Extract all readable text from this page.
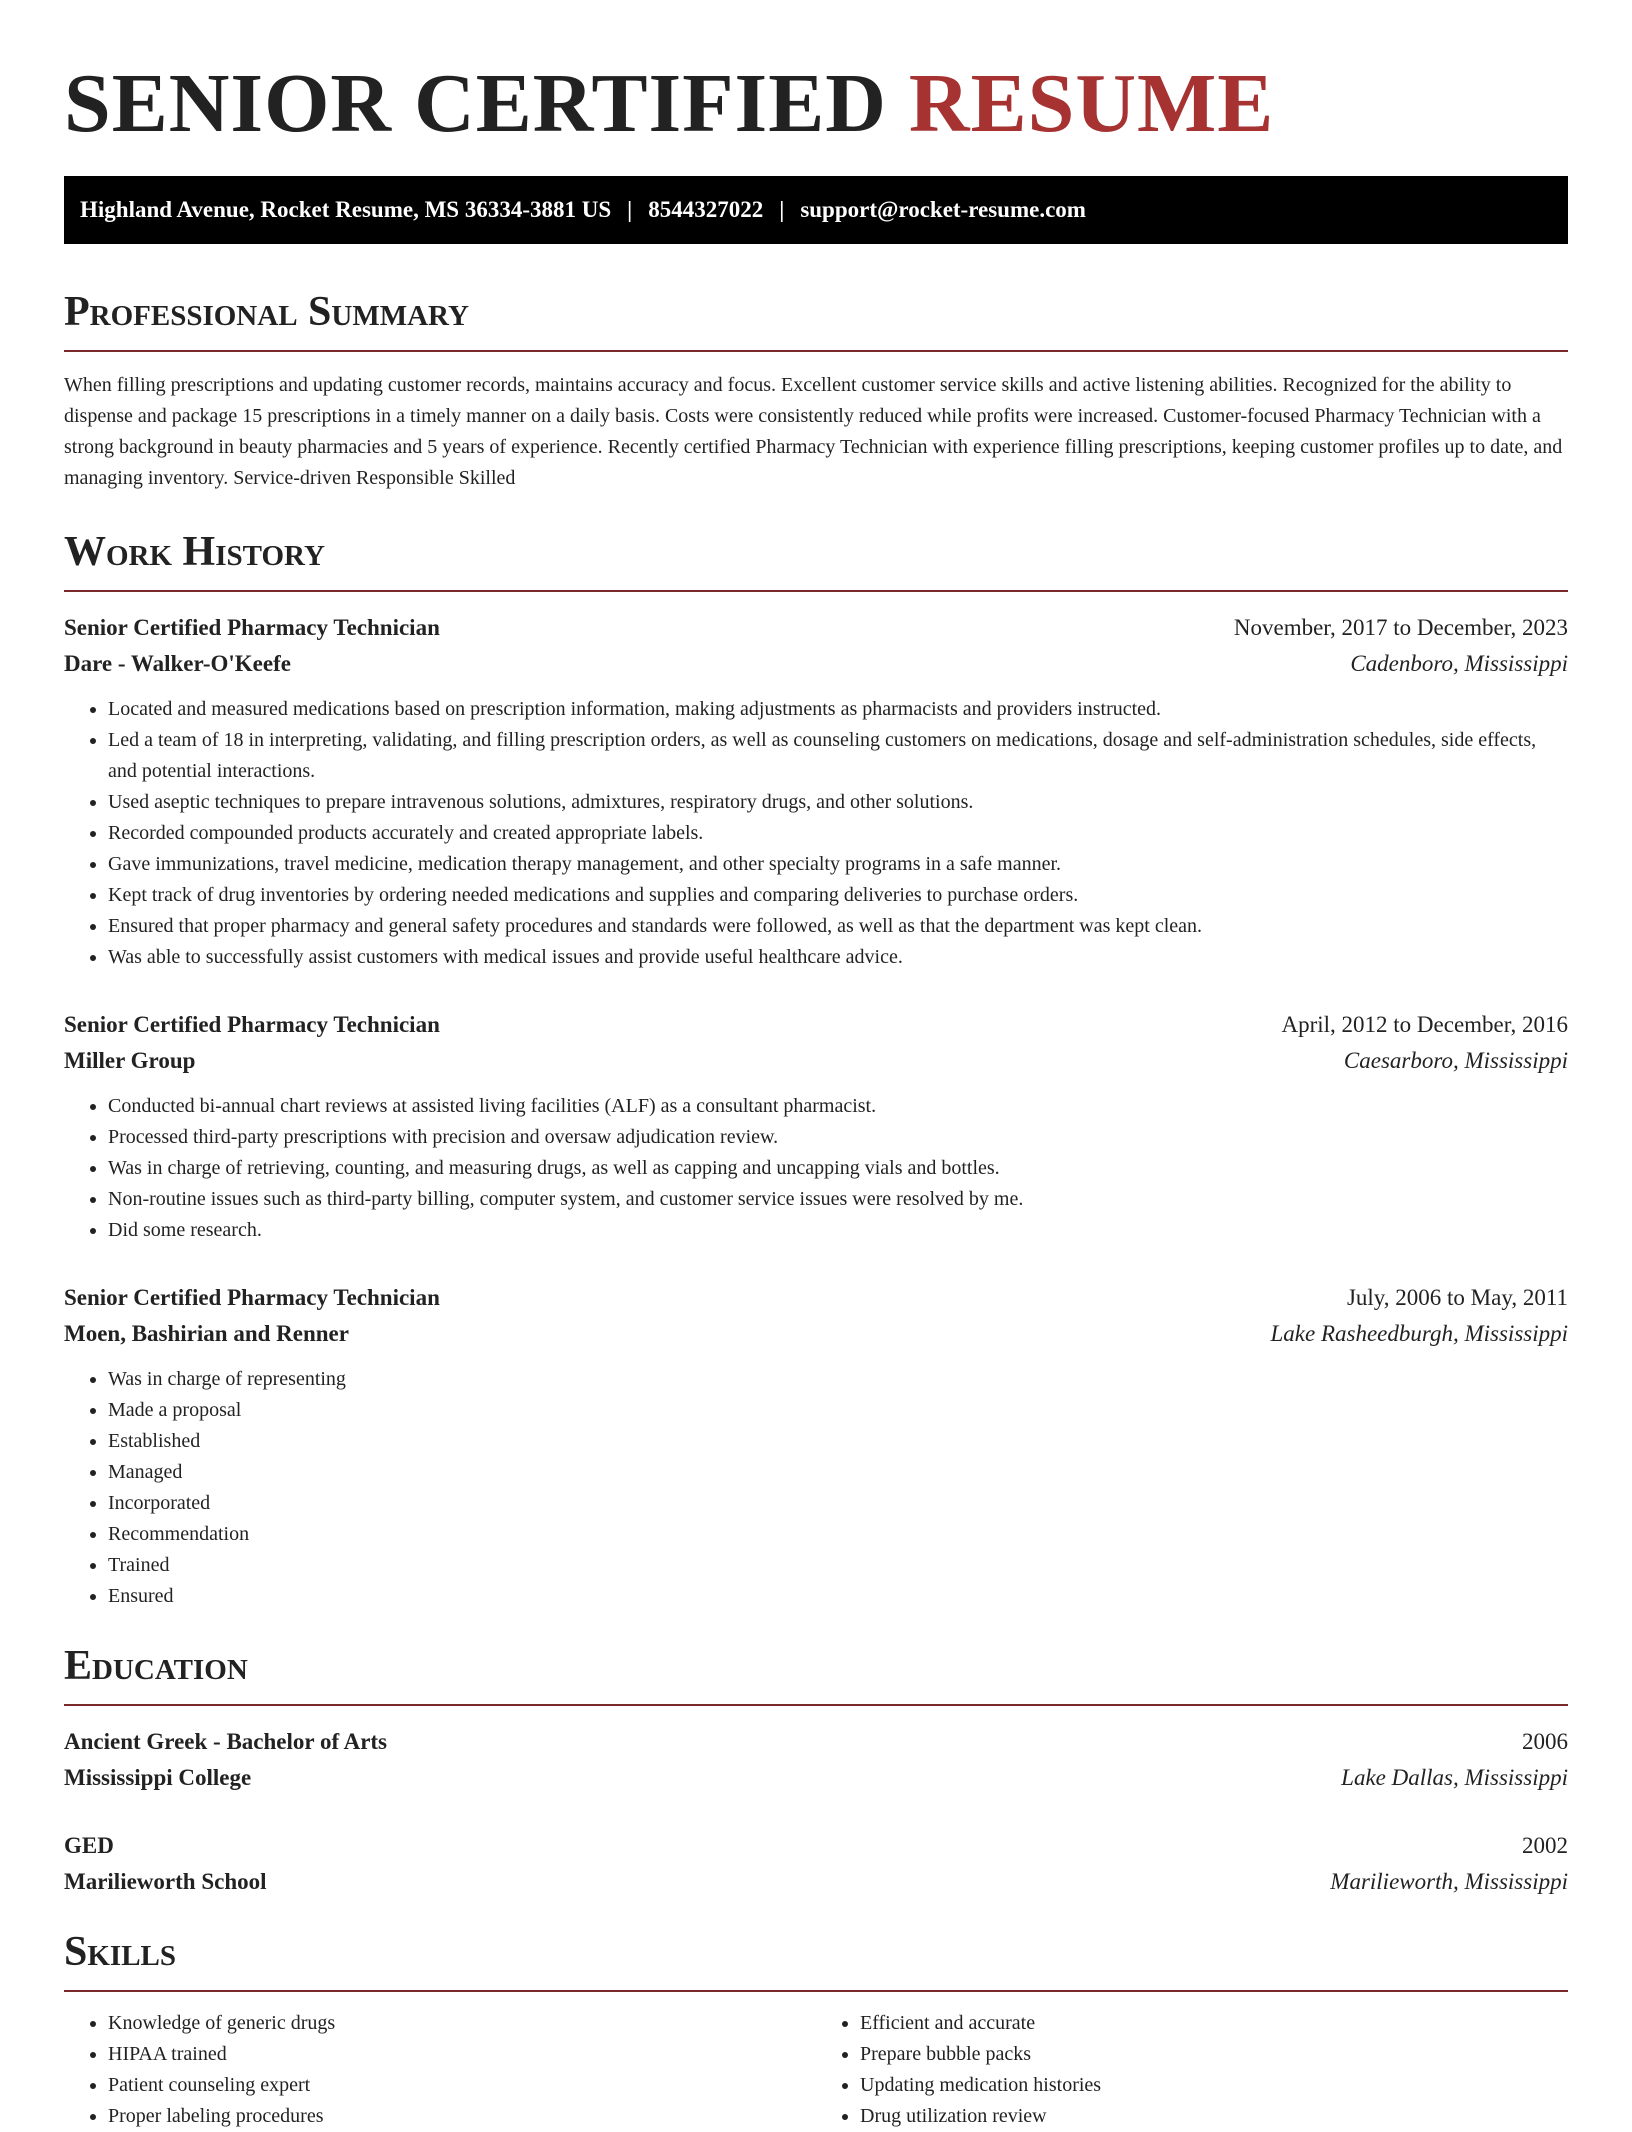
SENIOR CERTIFIED RESUME
Highland Avenue, Rocket Resume, MS 36334-3881 US | 8544327022 | support@rocket-resume.com
Professional Summary

When filling prescriptions and updating customer records, maintains accuracy and focus. Excellent customer service skills and active listening abilities. Recognized for the ability to dispense and package 15 prescriptions in a timely manner on a daily basis. Costs were consistently reduced while profits were increased. Customer-focused Pharmacy Technician with a strong background in beauty pharmacies and 5 years of experience. Recently certified Pharmacy Technician with experience filling prescriptions, keeping customer profiles up to date, and managing inventory. Service-driven Responsible Skilled

Work History
Senior Certified Pharmacy Technician	November, 2017 to December, 2023
Dare - Walker-O'Keefe	Cadenboro, Mississippi
• Located and measured medications based on prescription information, making adjustments as pharmacists and providers instructed.
• Led a team of 18 in interpreting, validating, and filling prescription orders, as well as counseling customers on medications, dosage and self-administration schedules, side effects, and potential interactions.
• Used aseptic techniques to prepare intravenous solutions, admixtures, respiratory drugs, and other solutions.
• Recorded compounded products accurately and created appropriate labels.
• Gave immunizations, travel medicine, medication therapy management, and other specialty programs in a safe manner.
• Kept track of drug inventories by ordering needed medications and supplies and comparing deliveries to purchase orders.
• Ensured that proper pharmacy and general safety procedures and standards were followed, as well as that the department was kept clean.
• Was able to successfully assist customers with medical issues and provide useful healthcare advice.
Senior Certified Pharmacy Technician	April, 2012 to December, 2016
Miller Group	Caesarboro, Mississippi
• Conducted bi-annual chart reviews at assisted living facilities (ALF) as a consultant pharmacist.
• Processed third-party prescriptions with precision and oversaw adjudication review.
• Was in charge of retrieving, counting, and measuring drugs, as well as capping and uncapping vials and bottles.
• Non-routine issues such as third-party billing, computer system, and customer service issues were resolved by me.
• Did some research.
Senior Certified Pharmacy Technician	July, 2006 to May, 2011
Moen, Bashirian and Renner	Lake Rasheedburgh, Mississippi
• Was in charge of representing
• Made a proposal
• Established
• Managed
• Incorporated
• Recommendation
• Trained
• Ensured
Education
Ancient Greek - Bachelor of Arts	2006
Mississippi College	Lake Dallas, Mississippi
GED	2002
Marilieworth School	Marilieworth, Mississippi
Skills
• Knowledge of generic drugs
• HIPAA trained
• Patient counseling expert
• Proper labeling procedures
• Efficient and accurate
• Prepare bubble packs
• Updating medication histories
• Drug utilization review
